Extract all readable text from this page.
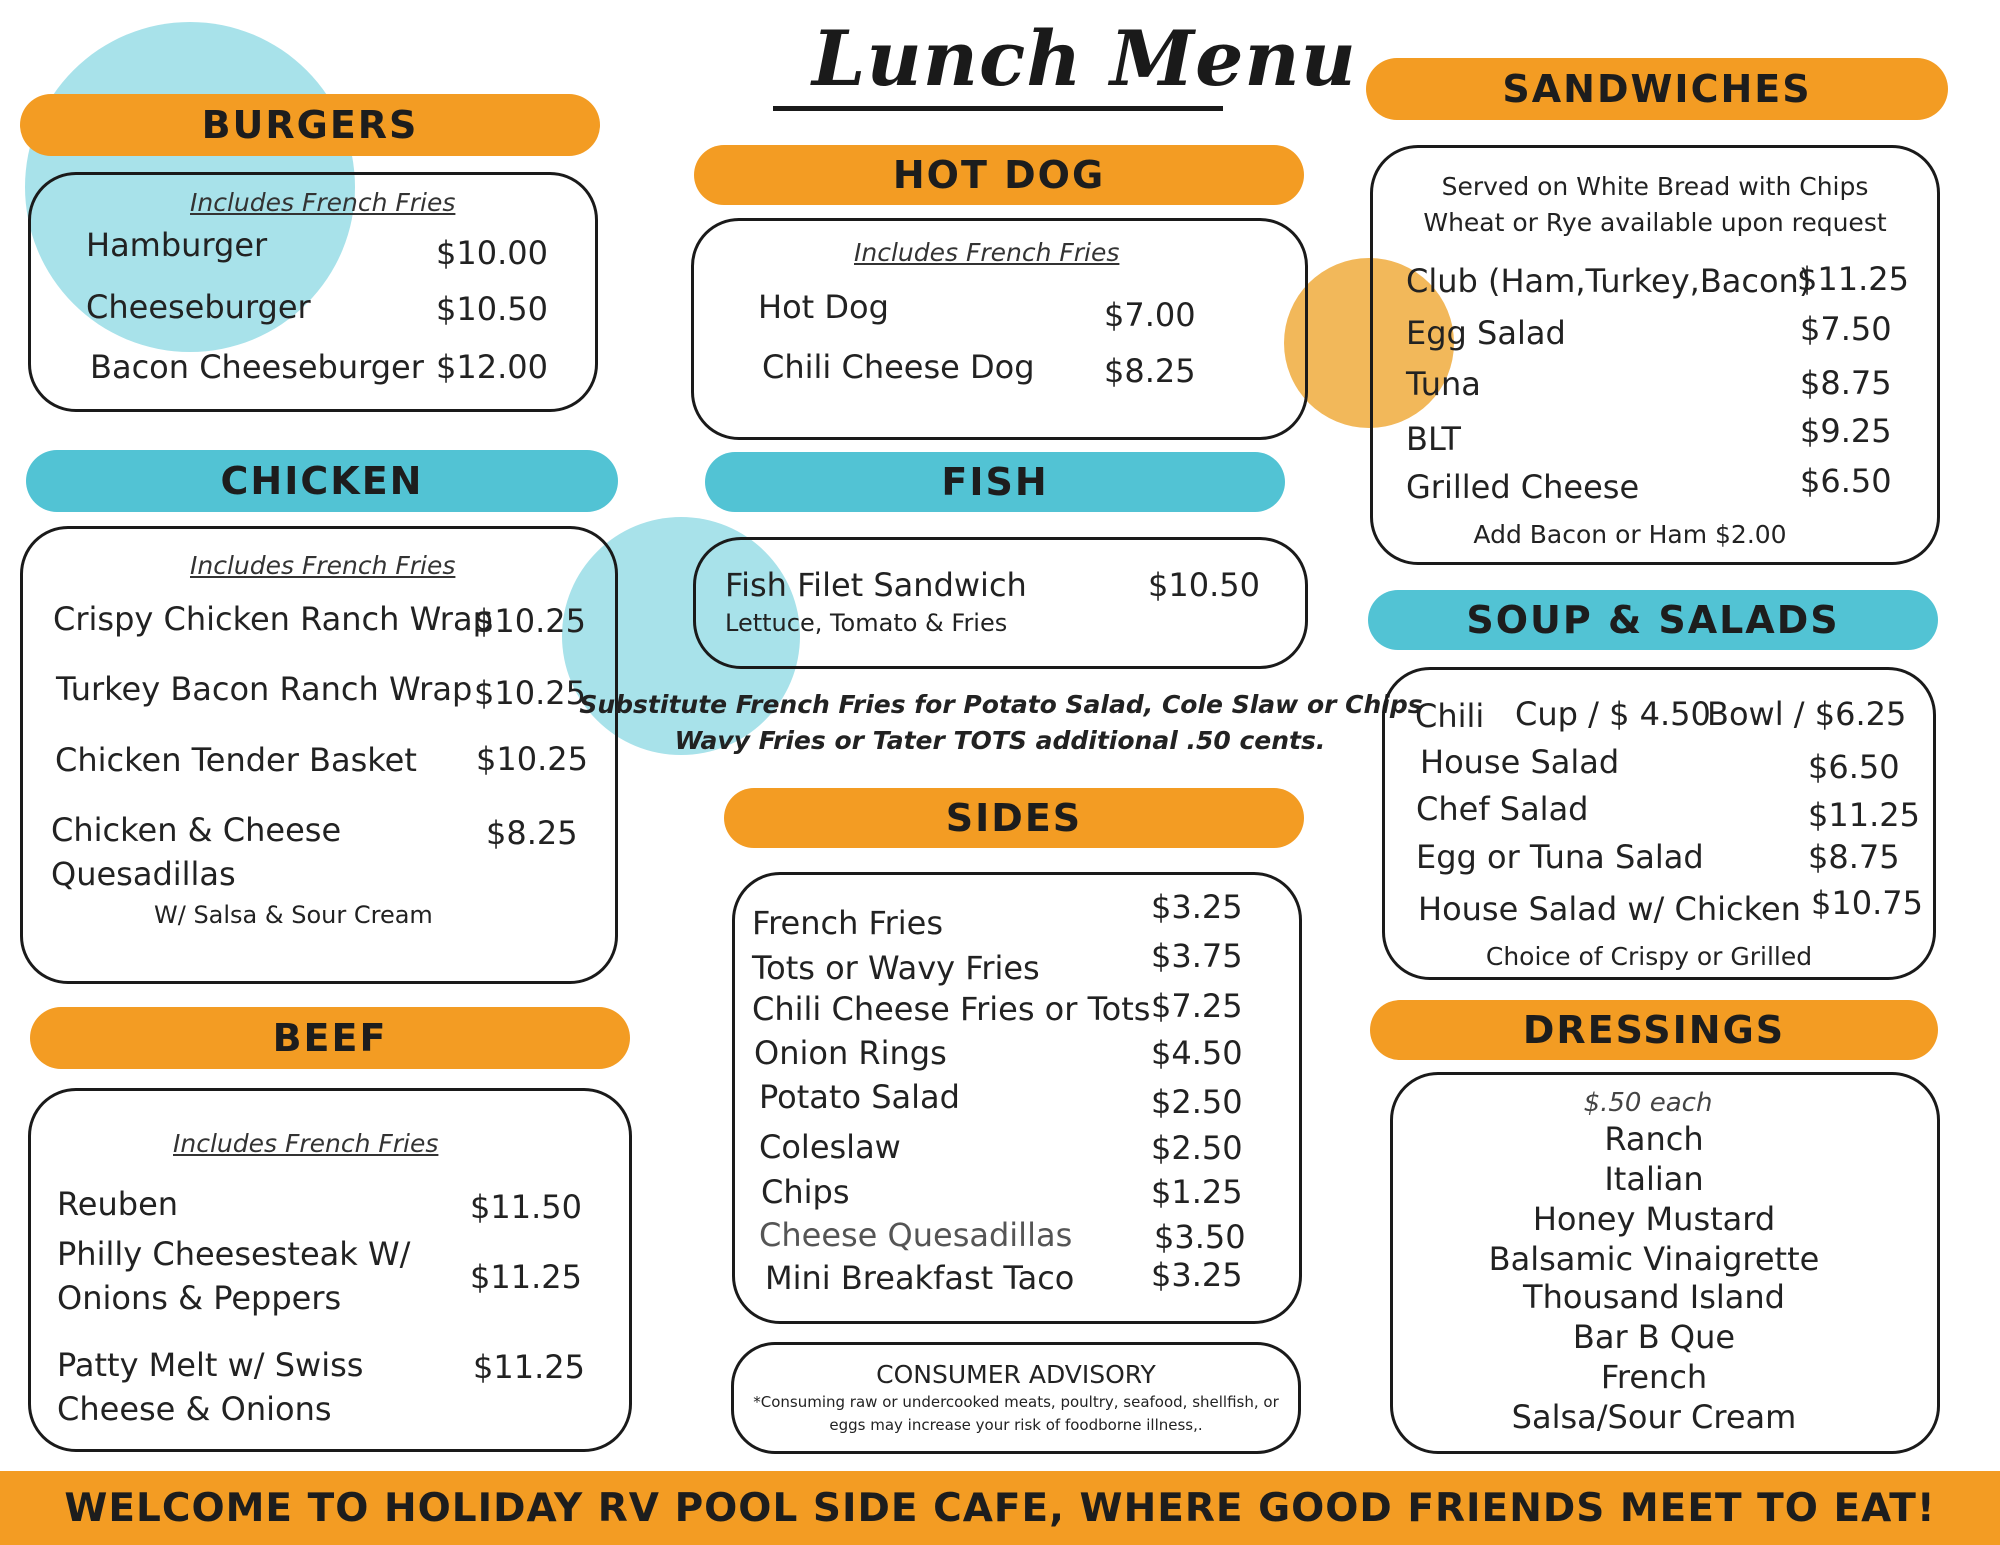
Lunch Menu
BURGERS
Includes French Fries
Hamburger	$10.00
Cheeseburger	$10.50
Bacon Cheeseburger $12.00
CHICKEN
Includes French Fries
Crispy Chicken Ranch Wrap
$10.25
Turkey Bacon Ranch Wrap $10.25
Chicken Tender Basket $10.25
Chicken & Cheese
Quesadillas
$8.25
W/ Salsa & Sour Cream
BEEF
Includes French Fries
Reuben	$11.50
Philly Cheesesteak W/
Onions & Peppers
$11.25
Patty Melt w/ Swiss
Cheese & Onions
$11.25
HOT DOG
Includes French Fries
Hot Dog	$7.00
Chili Cheese Dog $8.25
FISH
Fish Filet Sandwich	$10.50
Lettuce, Tomato & Fries
Substitute French Fries for Potato Salad, Cole Slaw or Chips
Wavy Fries or Tater TOTS additional .50 cents.
SIDES
French Fries	$3.25
Tots or Wavy Fries	$3.75
Chili Cheese Fries or Tots $7.25
Onion Rings	$4.50
Potato Salad	$2.50
Coleslaw	$2.50
Chips	$1.25
Cheese Quesadillas	$3.50
Mini Breakfast Taco $3.25
CONSUMER ADVISORY
*Consuming raw or undercooked meats, poultry, seafood, shellfish, or
eggs may increase your risk of foodborne illness,.
SANDWICHES
Served on White Bread with Chips
Wheat or Rye available upon request
Club (Ham,Turkey,Bacon)
$11.25
Egg Salad	$7.50
Tuna	$8.75
BLT	$9.25
Grilled Cheese	$6.50
Add Bacon or Ham $2.00
SOUP & SALADS
Chili Cup / $ 4.50
Bowl / $6.25
House Salad	$6.50
Chef Salad	$11.25
Egg or Tuna Salad	$8.75
House Salad w/ Chicken $10.75
Choice of Crispy or Grilled
DRESSINGS
$.50 each
Ranch
Italian
Honey Mustard
Balsamic Vinaigrette
Thousand Island
Bar B Que
French
Salsa/Sour Cream
WELCOME TO HOLIDAY RV POOL SIDE CAFE, WHERE GOOD FRIENDS MEET TO EAT!
